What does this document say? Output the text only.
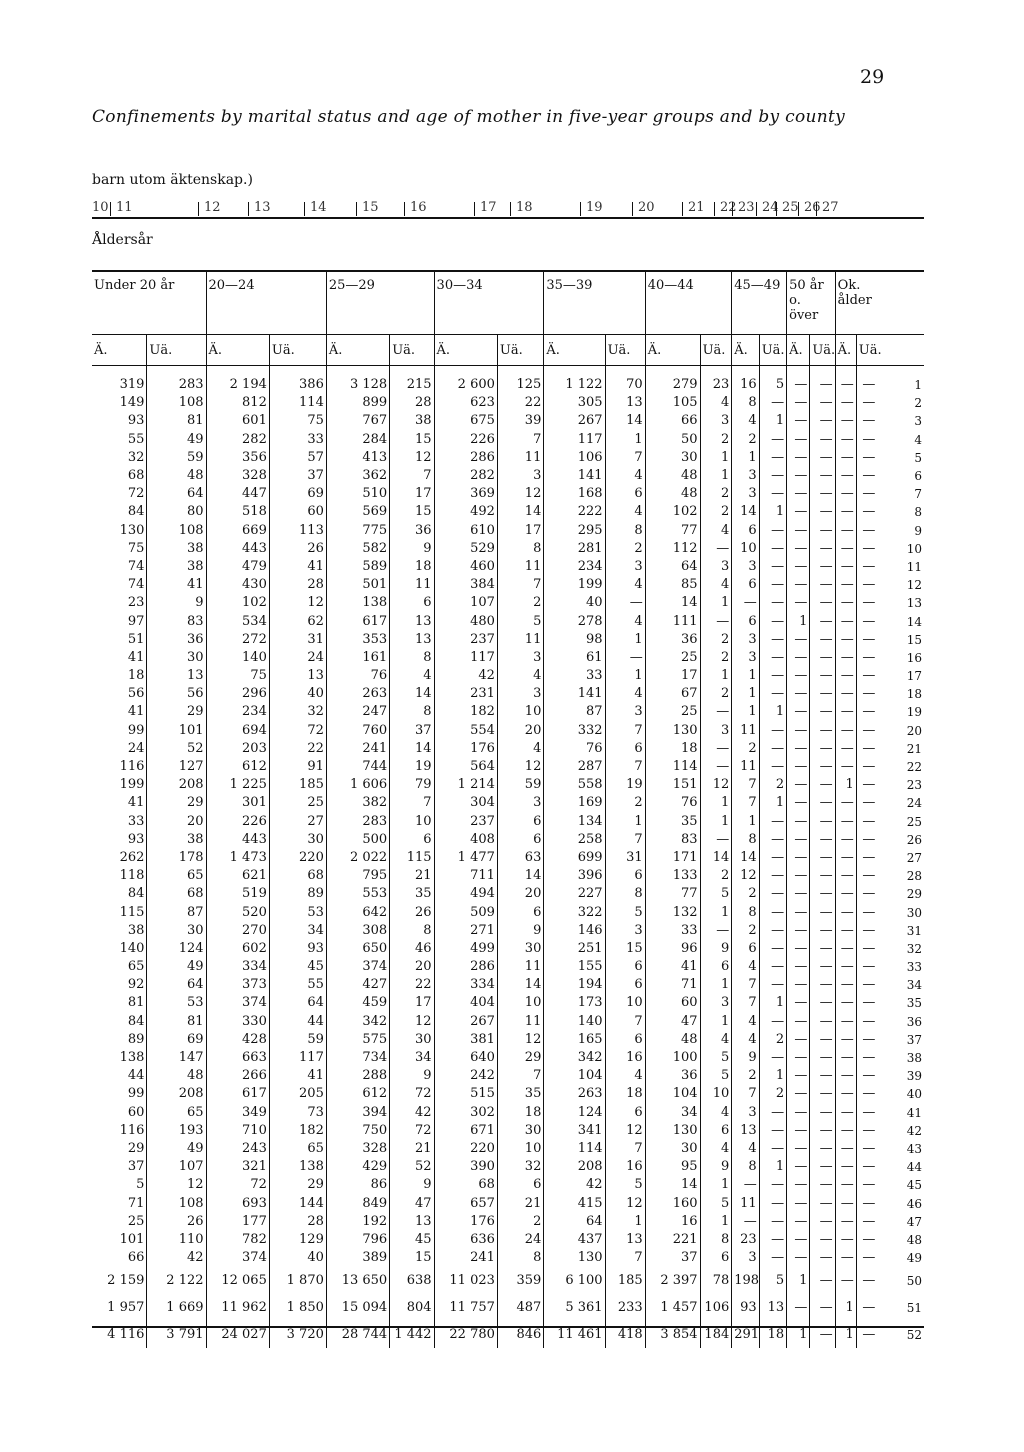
29
Confinements by marital status and age of mother in five-year groups and by county
barn utom äktenskap.)
10 11	12	13	14	15 16	17 18	19	20	21 22 23 24 25 26 27
Åldersår
Under 20 år		20—24		25—29		30—34		35—39		40—44		45—49		50 år o. över		Ok. ålder		
Ä.	Uä.	Ä.	Uä.	Ä.	Uä.	Ä.	Uä.	Ä.	Uä.	Ä.	Uä.	Ä.	Uä.	Ä.	Uä.	Ä.	Uä.	
319	283	2 194	386	3 128	215	2 600	125	1 122	70	279	23	16	5	—	—	—	—	1
149	108	812	114	899	28	623	22	305	13	105	4	8	—	—	—	—	—	2
93	81	601	75	767	38	675	39	267	14	66	3	4	1	—	—	—	—	3
55	49	282	33	284	15	226	7	117	1	50	2	2	—	—	—	—	—	4
32	59	356	57	413	12	286	11	106	7	30	1	1	—	—	—	—	—	5
68	48	328	37	362	7	282	3	141	4	48	1	3	—	—	—	—	—	6
72	64	447	69	510	17	369	12	168	6	48	2	3	—	—	—	—	—	7
84	80	518	60	569	15	492	14	222	4	102	2	14	1	—	—	—	—	8
130	108	669	113	775	36	610	17	295	8	77	4	6	—	—	—	—	—	9
75	38	443	26	582	9	529	8	281	2	112	—	10	—	—	—	—	—	10
74	38	479	41	589	18	460	11	234	3	64	3	3	—	—	—	—	—	11
74	41	430	28	501	11	384	7	199	4	85	4	6	—	—	—	—	—	12
23	9	102	12	138	6	107	2	40	—	14	1	—	—	—	—	—	—	13
97	83	534	62	617	13	480	5	278	4	111	—	6	—	1	—	—	—	14
51	36	272	31	353	13	237	11	98	1	36	2	3	—	—	—	—	—	15
41	30	140	24	161	8	117	3	61	—	25	2	3	—	—	—	—	—	16
18	13	75	13	76	4	42	4	33	1	17	1	1	—	—	—	—	—	17
56	56	296	40	263	14	231	3	141	4	67	2	1	—	—	—	—	—	18
41	29	234	32	247	8	182	10	87	3	25	—	1	1	—	—	—	—	19
99	101	694	72	760	37	554	20	332	7	130	3	11	—	—	—	—	—	20
24	52	203	22	241	14	176	4	76	6	18	—	2	—	—	—	—	—	21
116	127	612	91	744	19	564	12	287	7	114	—	11	—	—	—	—	—	22
199	208	1 225	185	1 606	79	1 214	59	558	19	151	12	7	2	—	—	1	—	23
41	29	301	25	382	7	304	3	169	2	76	1	7	1	—	—	—	—	24
33	20	226	27	283	10	237	6	134	1	35	1	1	—	—	—	—	—	25
93	38	443	30	500	6	408	6	258	7	83	—	8	—	—	—	—	—	26
262	178	1 473	220	2 022	115	1 477	63	699	31	171	14	14	—	—	—	—	—	27
118	65	621	68	795	21	711	14	396	6	133	2	12	—	—	—	—	—	28
84	68	519	89	553	35	494	20	227	8	77	5	2	—	—	—	—	—	29
115	87	520	53	642	26	509	6	322	5	132	1	8	—	—	—	—	—	30
38	30	270	34	308	8	271	9	146	3	33	—	2	—	—	—	—	—	31
140	124	602	93	650	46	499	30	251	15	96	9	6	—	—	—	—	—	32
65	49	334	45	374	20	286	11	155	6	41	6	4	—	—	—	—	—	33
92	64	373	55	427	22	334	14	194	6	71	1	7	—	—	—	—	—	34
81	53	374	64	459	17	404	10	173	10	60	3	7	1	—	—	—	—	35
84	81	330	44	342	12	267	11	140	7	47	1	4	—	—	—	—	—	36
89	69	428	59	575	30	381	12	165	6	48	4	4	2	—	—	—	—	37
138	147	663	117	734	34	640	29	342	16	100	5	9	—	—	—	—	—	38
44	48	266	41	288	9	242	7	104	4	36	5	2	1	—	—	—	—	39
99	208	617	205	612	72	515	35	263	18	104	10	7	2	—	—	—	—	40
60	65	349	73	394	42	302	18	124	6	34	4	3	—	—	—	—	—	41
116	193	710	182	750	72	671	30	341	12	130	6	13	—	—	—	—	—	42
29	49	243	65	328	21	220	10	114	7	30	4	4	—	—	—	—	—	43
37	107	321	138	429	52	390	32	208	16	95	9	8	1	—	—	—	—	44
5	12	72	29	86	9	68	6	42	5	14	1	—	—	—	—	—	—	45
71	108	693	144	849	47	657	21	415	12	160	5	11	—	—	—	—	—	46
25	26	177	28	192	13	176	2	64	1	16	1	—	—	—	—	—	—	47
101	110	782	129	796	45	636	24	437	13	221	8	23	—	—	—	—	—	48
66	42	374	40	389	15	241	8	130	7	37	6	3	—	—	—	—	—	49
2 159	2 122	12 065	1 870	13 650	638	11 023	359	6 100	185	2 397	78	198	5	1	—	—	—	50
1 957	1 669	11 962	1 850	15 094	804	11 757	487	5 361	233	1 457	106	93	13	—	—	1	—	51
4 116	3 791	24 027	3 720	28 744	1 442	22 780	846	11 461	418	3 854	184	291	18	1	—	1	—	52
